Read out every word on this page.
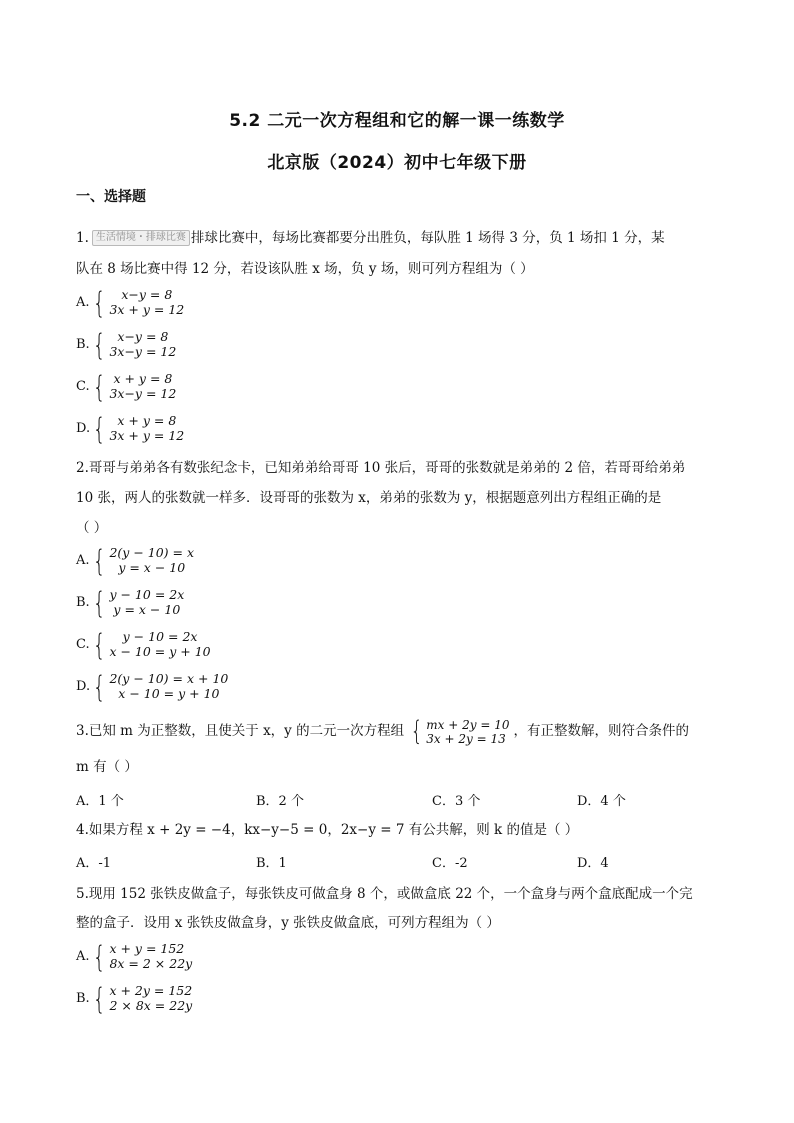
5.2 二元一次方程组和它的解一课一练数学
北京版（2024）初中七年级下册
一、选择题
1. 生活情境・排球比赛 排球比赛中，每场比赛都要分出胜负，每队胜 1 场得 3 分，负 1 场扣 1 分，某
队在 8 场比赛中得 12 分，若设该队胜 x 场，负 y 场，则可列方程组为（ ）
A. { x−y = 8
3x + y = 12
B. { x−y = 8
3x−y = 12
C. { x + y = 8
3x−y = 12
D. { x + y = 8
3x + y = 12
2.哥哥与弟弟各有数张纪念卡，已知弟弟给哥哥 10 张后，哥哥的张数就是弟弟的 2 倍，若哥哥给弟弟
10 张，两人的张数就一样多．设哥哥的张数为 x，弟弟的张数为 y，根据题意列出方程组正确的是
（ ）
A. { 2(y − 10) = x
y = x − 10
B. { y − 10 = 2x
y = x − 10
C. { y − 10 = 2x
x − 10 = y + 10
D. { 2(y − 10) = x + 10
x − 10 = y + 10
3.已知 m 为正整数，且使关于 x，y 的二元一次方程组 { mx + 2y = 10
3x + 2y = 13 ，有正整数解，则符合条件的
m 有（ ）
A．1 个	B．2 个	C．3 个	D．4 个
4.如果方程 x + 2y = −4，kx−y−5 = 0，2x−y = 7 有公共解，则 k 的值是（ ）
A．-1	B．1	C．-2	D．4
5.现用 152 张铁皮做盒子，每张铁皮可做盒身 8 个，或做盒底 22 个，一个盒身与两个盒底配成一个完
整的盒子．设用 x 张铁皮做盒身，y 张铁皮做盒底，可列方程组为（ ）
A. { x + y = 152
8x = 2 × 22y
B. { x + 2y = 152
2 × 8x = 22y
